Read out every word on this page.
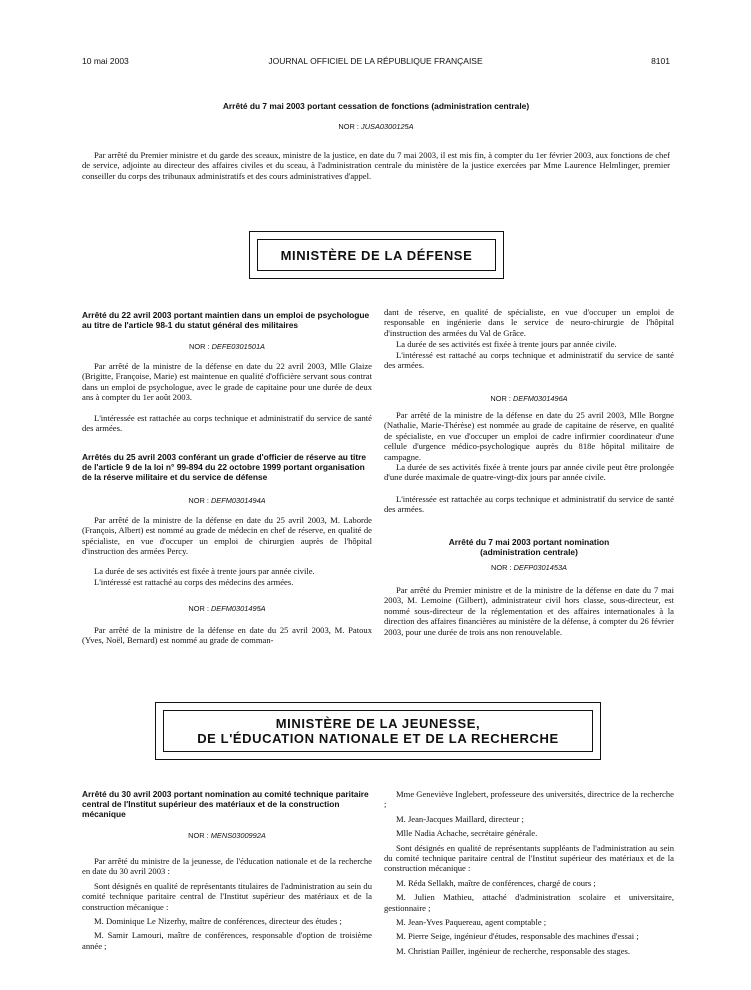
10 mai 2003	JOURNAL OFFICIEL DE LA RÉPUBLIQUE FRANÇAISE	8101
Arrêté du 7 mai 2003 portant cessation de fonctions (administration centrale)
NOR : JUSA0300125A

Par arrêté du Premier ministre et du garde des sceaux, ministre de la justice, en date du 7 mai 2003, il est mis fin, à compter du 1er février 2003, aux fonctions de chef de service, adjointe au directeur des affaires civiles et du sceau, à l'administration centrale du ministère de la justice exercées par Mme Laurence Helmlinger, premier conseiller du corps des tribunaux administratifs et des cours administratives d'appel.

MINISTÈRE DE LA DÉFENSE
Arrêté du 22 avril 2003 portant maintien dans un emploi de psychologue au titre de l'article 98-1 du statut général des militaires
NOR : DEFE0301501A

Par arrêté de la ministre de la défense en date du 22 avril 2003, Mlle Glaize (Brigitte, Françoise, Marie) est maintenue en qualité d'officière servant sous contrat dans un emploi de psychologue, avec le grade de capitaine pour une durée de deux ans à compter du 1er août 2003.

L'intéressée est rattachée au corps technique et administratif du service de santé des armées.

Arrêtés du 25 avril 2003 conférant un grade d'officier de réserve au titre de l'article 9 de la loi n° 99-894 du 22 octobre 1999 portant organisation de la réserve militaire et du service de défense
NOR : DEFM0301494A

Par arrêté de la ministre de la défense en date du 25 avril 2003, M. Laborde (François, Albert) est nommé au grade de médecin en chef de réserve, en qualité de spécialiste, en vue d'occuper un emploi de chirurgien auprès de l'hôpital d'instruction des armées Percy.

La durée de ses activités est fixée à trente jours par année civile.

L'intéressé est rattaché au corps des médecins des armées.

NOR : DEFM0301495A

Par arrêté de la ministre de la défense en date du 25 avril 2003, M. Patoux (Yves, Noël, Bernard) est nommé au grade de comman-

dant de réserve, en qualité de spécialiste, en vue d'occuper un emploi de responsable en ingénierie dans le service de neuro-chirurgie de l'hôpital d'instruction des armées du Val de Grâce.

La durée de ses activités est fixée à trente jours par année civile.

L'intéressé est rattaché au corps technique et administratif du service de santé des armées.

NOR : DEFM0301496A

Par arrêté de la ministre de la défense en date du 25 avril 2003, Mlle Borgne (Nathalie, Marie-Thérèse) est nommée au grade de capitaine de réserve, en qualité de spécialiste, en vue d'occuper un emploi de cadre infirmier coordinateur d'une cellule d'urgence médico-psychologique auprès du 818e hôpital militaire de campagne.

La durée de ses activités fixée à trente jours par année civile peut être prolongée d'une durée maximale de quatre-vingt-dix jours par année civile.

L'intéressée est rattachée au corps technique et administratif du service de santé des armées.

Arrêté du 7 mai 2003 portant nomination
(administration centrale)
NOR : DEFP0301453A

Par arrêté du Premier ministre et de la ministre de la défense en date du 7 mai 2003, M. Lemoine (Gilbert), administrateur civil hors classe, sous-directeur, est nommé sous-directeur de la réglementation et des affaires internationales à la direction des affaires financières au ministère de la défense, à compter du 26 février 2003, pour une durée de trois ans non renouvelable.

MINISTÈRE DE LA JEUNESSE,
DE L'ÉDUCATION NATIONALE ET DE LA RECHERCHE
Arrêté du 30 avril 2003 portant nomination au comité technique paritaire central de l'Institut supérieur des matériaux et de la construction mécanique
NOR : MENS0300992A

Par arrêté du ministre de la jeunesse, de l'éducation nationale et de la recherche en date du 30 avril 2003 :

Sont désignés en qualité de représentants titulaires de l'administration au sein du comité technique paritaire central de l'Institut supérieur des matériaux et de la construction mécanique :

M. Dominique Le Nizerhy, maître de conférences, directeur des études ;

M. Samir Lamouri, maître de conférences, responsable d'option de troisième année ;

Mme Geneviève Inglebert, professeure des universités, directrice de la recherche ;

M. Jean-Jacques Maillard, directeur ;

Mlle Nadia Achache, secrétaire générale.

Sont désignés en qualité de représentants suppléants de l'administration au sein du comité technique paritaire central de l'Institut supérieur des matériaux et de la construction mécanique :

M. Réda Sellakh, maître de conférences, chargé de cours ;

M. Julien Mathieu, attaché d'administration scolaire et universitaire, gestionnaire ;

M. Jean-Yves Paquereau, agent comptable ;

M. Pierre Seige, ingénieur d'études, responsable des machines d'essai ;

M. Christian Pailler, ingénieur de recherche, responsable des stages.
